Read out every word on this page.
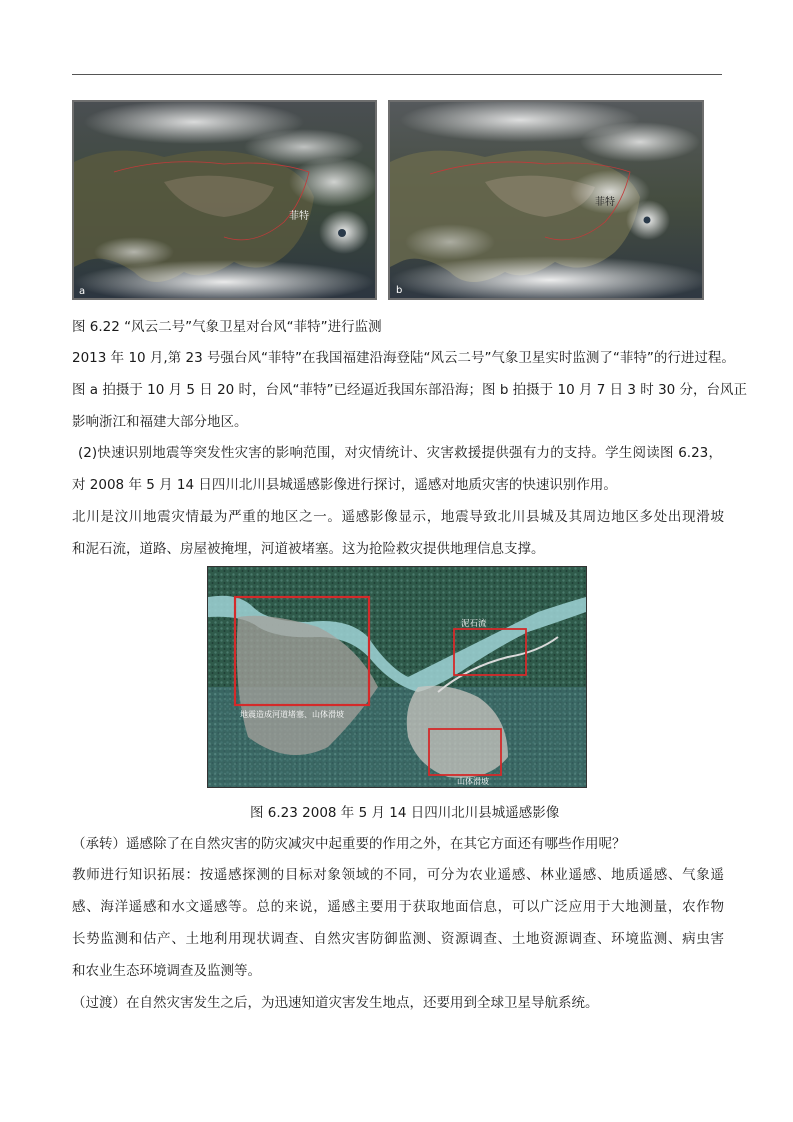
菲特
a
菲特
b
图 6.22 “风云二号”气象卫星对台风“菲特”进行监测
2013 年 10 月,第 23 号强台风“菲特”在我国福建沿海登陆“风云二号”气象卫星实时监测了“菲特”的行进过程。
图 a 拍摄于 10 月 5 日 20 时，台风“菲特”已经逼近我国东部沿海；图 b 拍摄于 10 月 7 日 3 时 30 分，台风正
影响浙江和福建大部分地区。
(2)快速识别地震等突发性灾害的影响范围，对灾情统计、灾害救援提供强有力的支持。学生阅读图 6.23，
对 2008 年 5 月 14 日四川北川县城遥感影像进行探讨，遥感对地质灾害的快速识别作用。
北川是汶川地震灾情最为严重的地区之一。遥感影像显示，地震导致北川县城及其周边地区多处出现滑坡
和泥石流，道路、房屋被掩埋，河道被堵塞。这为抢险救灾提供地理信息支撑。
泥石流
地震造成河道堵塞、山体滑坡
山体滑坡
图 6.23 2008 年 5 月 14 日四川北川县城遥感影像
（承转）遥感除了在自然灾害的防灾减灾中起重要的作用之外，在其它方面还有哪些作用呢？
教师进行知识拓展：按遥感探测的目标对象领域的不同，可分为农业遥感、林业遥感、地质遥感、气象遥
感、海洋遥感和水文遥感等。总的来说，遥感主要用于获取地面信息，可以广泛应用于大地测量，农作物
长势监测和估产、土地利用现状调查、自然灾害防御监测、资源调查、土地资源调查、环境监测、病虫害
和农业生态环境调查及监测等。
（过渡）在自然灾害发生之后，为迅速知道灾害发生地点，还要用到全球卫星导航系统。
